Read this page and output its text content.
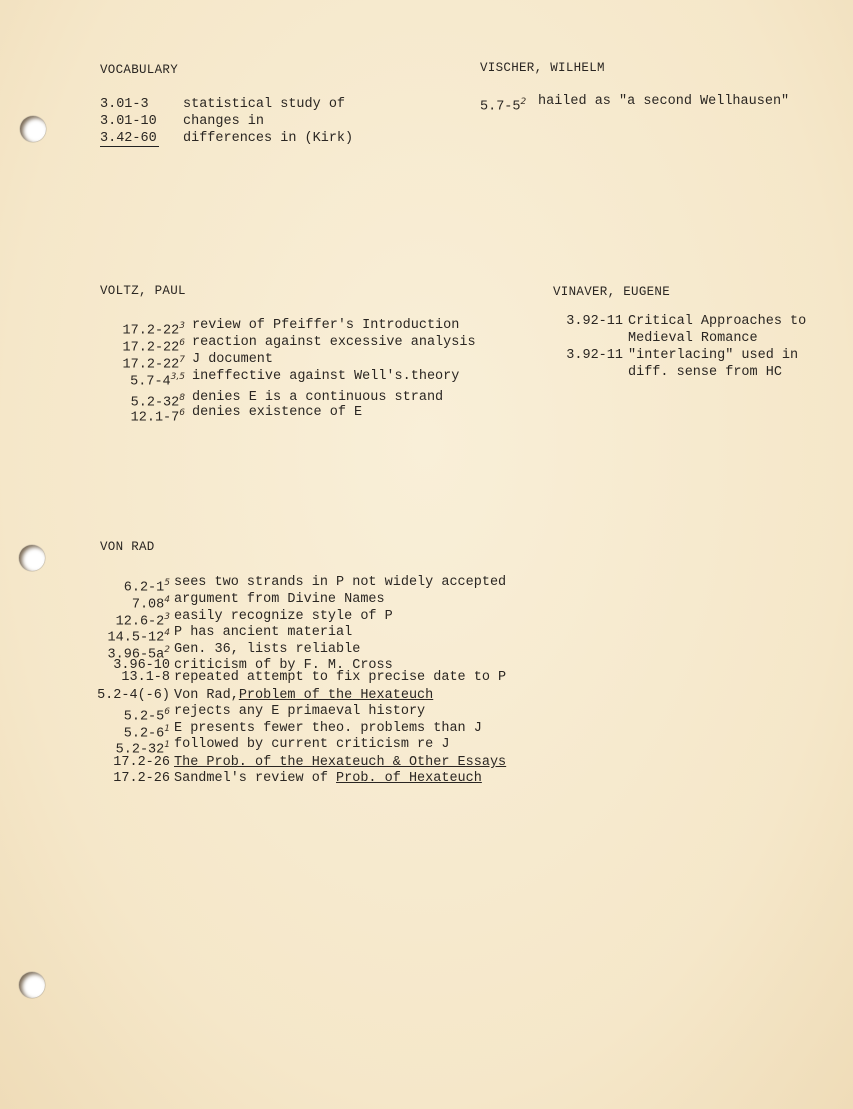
VOCABULARY	VISCHER, WILHELM
VOLTZ, PAUL	VINAVER, EUGENE
VON RAD
3.01-3	statistical study of
3.01-10 changes in
3.42-60 differences in (Kirk)
$5.7-5^2$ hailed as "a second Wellhausen"
$17.2-22^3$ review of Pfeiffer's Introduction
$17.2-22^6$ reaction against excessive analysis
$17.2-22^7$ J document
5.7-4$^{3,5}$ ineffective against Well's.theory
$5.2-32^8$ denies E is a continuous strand
$12.1-7^6$ denies existence of E
3.92-11 Critical Approaches to
Medieval Romance
3.92-11 "interlacing" used in
diff. sense from HC
$6.2-1^5$ sees two strands in P not widely accepted
7.08$^4$ argument from Divine Names
$12.6-2^3$ easily recognize style of P
$14.5-12^4$ P has ancient material
$3.96-5a^2$ Gen. 36, lists reliable
3.96-10 criticism of by F. M. Cross
13.1-8 repeated attempt to fix precise date to P
5.2-4(-6) Von Rad,Problem of the Hexateuch
$5.2-5^6$ rejects any E primaeval history
$5.2-6^1$ E presents fewer theo. problems than J
$5.2-32^1$ followed by current criticism re J
17.2-26 The Prob. of the Hexateuch & Other Essays
17.2-26 Sandmel's review of Prob. of Hexateuch
